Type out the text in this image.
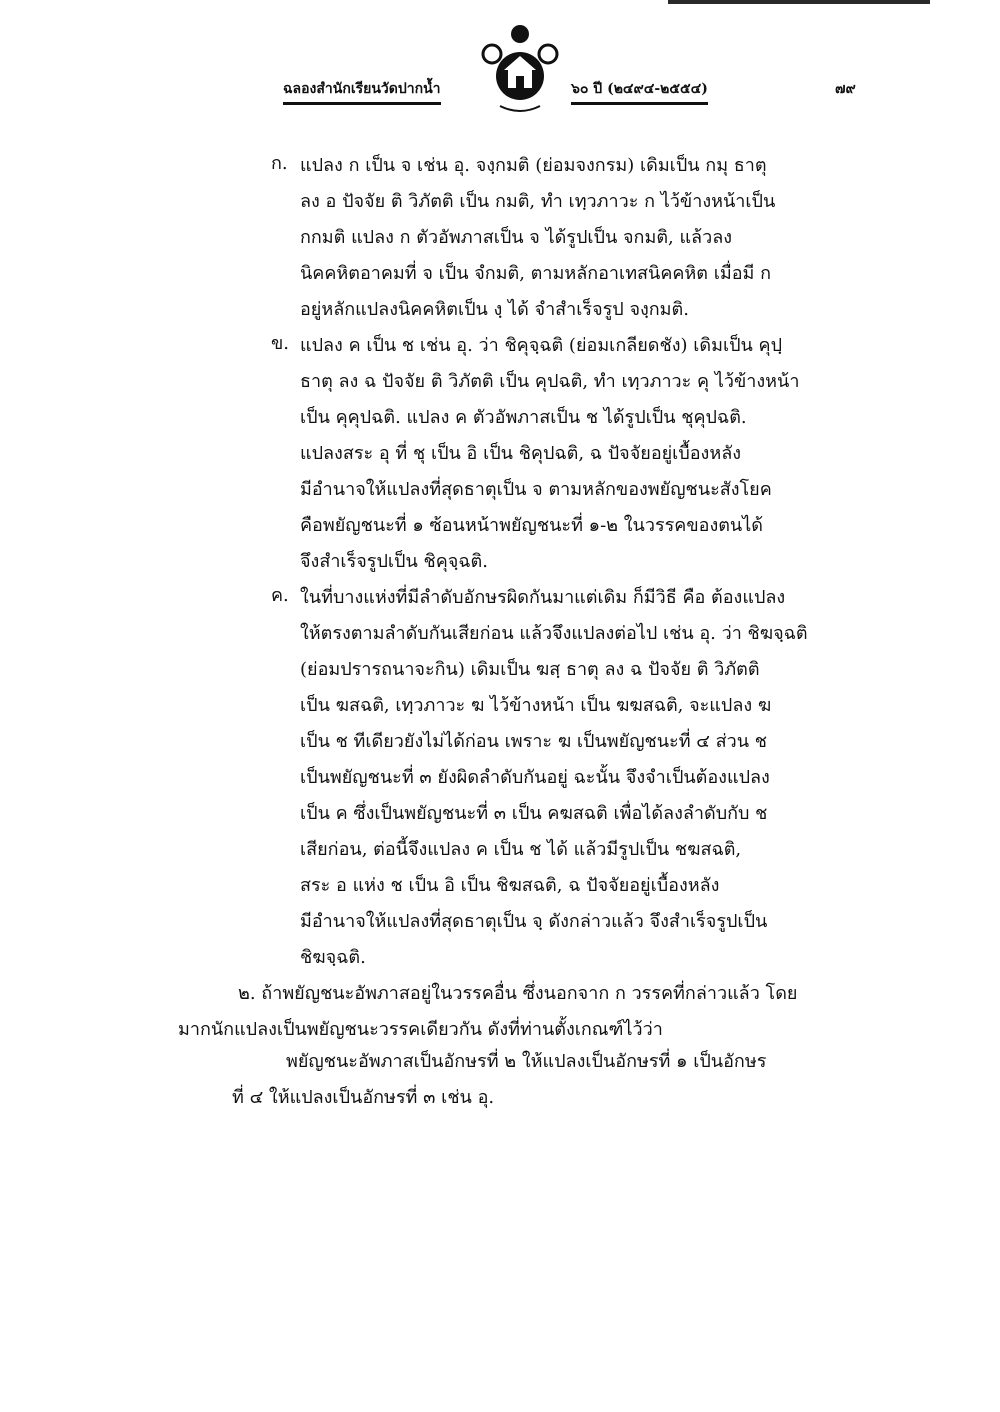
ฉลองสำนักเรียนวัดปากน้ำ	๖๐ ปี (๒๔๙๔-๒๕๕๔)	๗๙
ก. แปลง ก เป็น จ เช่น อุ. จงฺกมติ (ย่อมจงกรม) เดิมเป็น กมุ ธาตุ
ลง อ ปัจจัย ติ วิภัตติ เป็น กมติ, ทำ เทฺวภาวะ ก ไว้ข้างหน้าเป็น
กกมติ แปลง ก ตัวอัพภาสเป็น จ ได้รูปเป็น จกมติ, แล้วลง
นิคคหิตอาคมที่ จ เป็น จํกมติ, ตามหลักอาเทสนิคคหิต เมื่อมี ก
อยู่หลักแปลงนิคคหิตเป็น งฺ ได้ จำสำเร็จรูป จงฺกมติ.
ข. แปลง ค เป็น ช เช่น อุ. ว่า ชิคุจฺฉติ (ย่อมเกลียดชัง) เดิมเป็น คุปฺ
ธาตุ ลง ฉ ปัจจัย ติ วิภัตติ เป็น คุปฉติ, ทำ เทฺวภาวะ คุ ไว้ข้างหน้า
เป็น คุคุปฉติ. แปลง ค ตัวอัพภาสเป็น ช ได้รูปเป็น ชุคุปฉติ.
แปลงสระ อุ ที่ ชุ เป็น อิ เป็น ชิคุปฉติ, ฉ ปัจจัยอยู่เบื้องหลัง
มีอำนาจให้แปลงที่สุดธาตุเป็น จ ตามหลักของพยัญชนะสังโยค
คือพยัญชนะที่ ๑ ซ้อนหน้าพยัญชนะที่ ๑-๒ ในวรรคของตนได้
จึงสำเร็จรูปเป็น ชิคุจฺฉติ.
ค. ในที่บางแห่งที่มีลำดับอักษรผิดกันมาแต่เดิม ก็มีวิธี คือ ต้องแปลง
ให้ตรงตามลำดับกันเสียก่อน แล้วจึงแปลงต่อไป เช่น อุ. ว่า ชิฆจฺฉติ
(ย่อมปรารถนาจะกิน) เดิมเป็น ฆสฺ ธาตุ ลง ฉ ปัจจัย ติ วิภัตติ
เป็น ฆสฉติ, เทฺวภาวะ ฆ ไว้ข้างหน้า เป็น ฆฆสฉติ, จะแปลง ฆ
เป็น ช ทีเดียวยังไม่ได้ก่อน เพราะ ฆ เป็นพยัญชนะที่ ๔ ส่วน ช
เป็นพยัญชนะที่ ๓ ยังผิดลำดับกันอยู่ ฉะนั้น จึงจำเป็นต้องแปลง
เป็น ค ซึ่งเป็นพยัญชนะที่ ๓ เป็น คฆสฉติ เพื่อได้ลงลำดับกับ ช
เสียก่อน, ต่อนี้จึงแปลง ค เป็น ช ได้ แล้วมีรูปเป็น ชฆสฉติ,
สระ อ แห่ง ช เป็น อิ เป็น ชิฆสฉติ, ฉ ปัจจัยอยู่เบื้องหลัง
มีอำนาจให้แปลงที่สุดธาตุเป็น จฺ ดังกล่าวแล้ว จึงสำเร็จรูปเป็น
ชิฆจฺฉติ.
๒. ถ้าพยัญชนะอัพภาสอยู่ในวรรคอื่น ซึ่งนอกจาก ก วรรคที่กล่าวแล้ว โดย
มากนักแปลงเป็นพยัญชนะวรรคเดียวกัน ดังที่ท่านตั้งเกณฑ์ไว้ว่า
พยัญชนะอัพภาสเป็นอักษรที่ ๒ ให้แปลงเป็นอักษรที่ ๑ เป็นอักษร
ที่ ๔ ให้แปลงเป็นอักษรที่ ๓ เช่น อุ.
